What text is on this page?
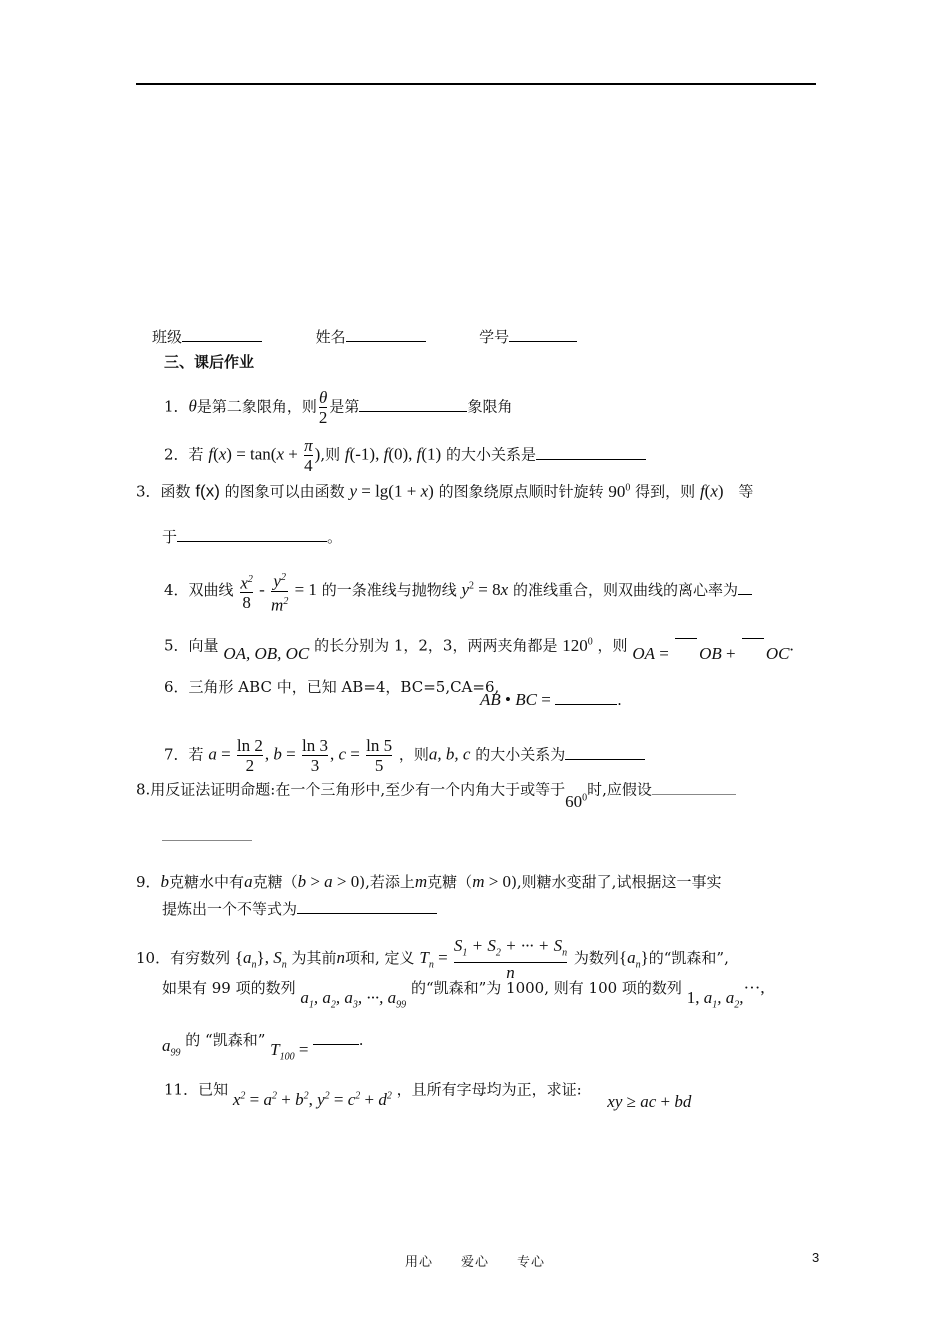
班级	姓名	学号
三、课后作业
1．θ是第二象限角，则 $\frac{\theta}{2}$ 是第	象限角
2．若 $f(x) = \tan(x + \frac{\pi}{4}$ ),则 f(-1), f(0), f(1) 的大小关系是
3．函数 f(x) 的图象可以由函数 y = lg(1 + x) 的图象绕原点顺时针旋转 $90^0$ 得到，则 f(x) 等
于	。
4．双曲线 $\frac{x^2}{8} - \frac{y^2}{m^2} = 1$ 的一条准线与抛物线 $y^2 = 8x$ 的准线重合，则双曲线的离心率为
5．向量 OA, OB, OC 的长分别为 1，2，3，两两夹角都是 $120^0$ ，则 OA = OB + OC.
6．三角形 ABC 中，已知 AB=4，BC=5,CA=6,
AB • BC =	.
7．若 $a = \frac{\ln 2}{2}$ , $b = \frac{\ln 3}{3}$ , $c = \frac{\ln 5}{5}$ ，则a, b, c 的大小关系为
8.用反证法证明命题:在一个三角形中,至少有一个内角大于或等于$60^0$时,应假设
9．b克糖水中有a克糖（b > a > 0),若添上m克糖（m > 0),则糖水变甜了,试根据这一事实
提炼出一个不等式为
10．有穷数列 $\{a_n\}$, $S_n$ 为其前n项和, 定义 $T_n = \frac{S_1 + S_2 + \cdot\cdot\cdot + S_n}{n}$ 为数列$\{a_n\}$的“凯森和”,
如果有 99 项的数列 $a_1$, $a_2$, $a_3$, ···, $a_{99}$ 的“凯森和”为 1000, 则有 100 项的数列 1, $a_1$, $a_2,\cdot\cdot\cdot$,
$a_{99}$ 的 “凯森和” $T_{100}$ =	.
11．已知 $x^2 = a^2 + b^2$, $y^2 = c^2 + d^2$ ，且所有字母均为正，求证:  xy ≥ ac + bd
用心　　爱心　　专心	3
